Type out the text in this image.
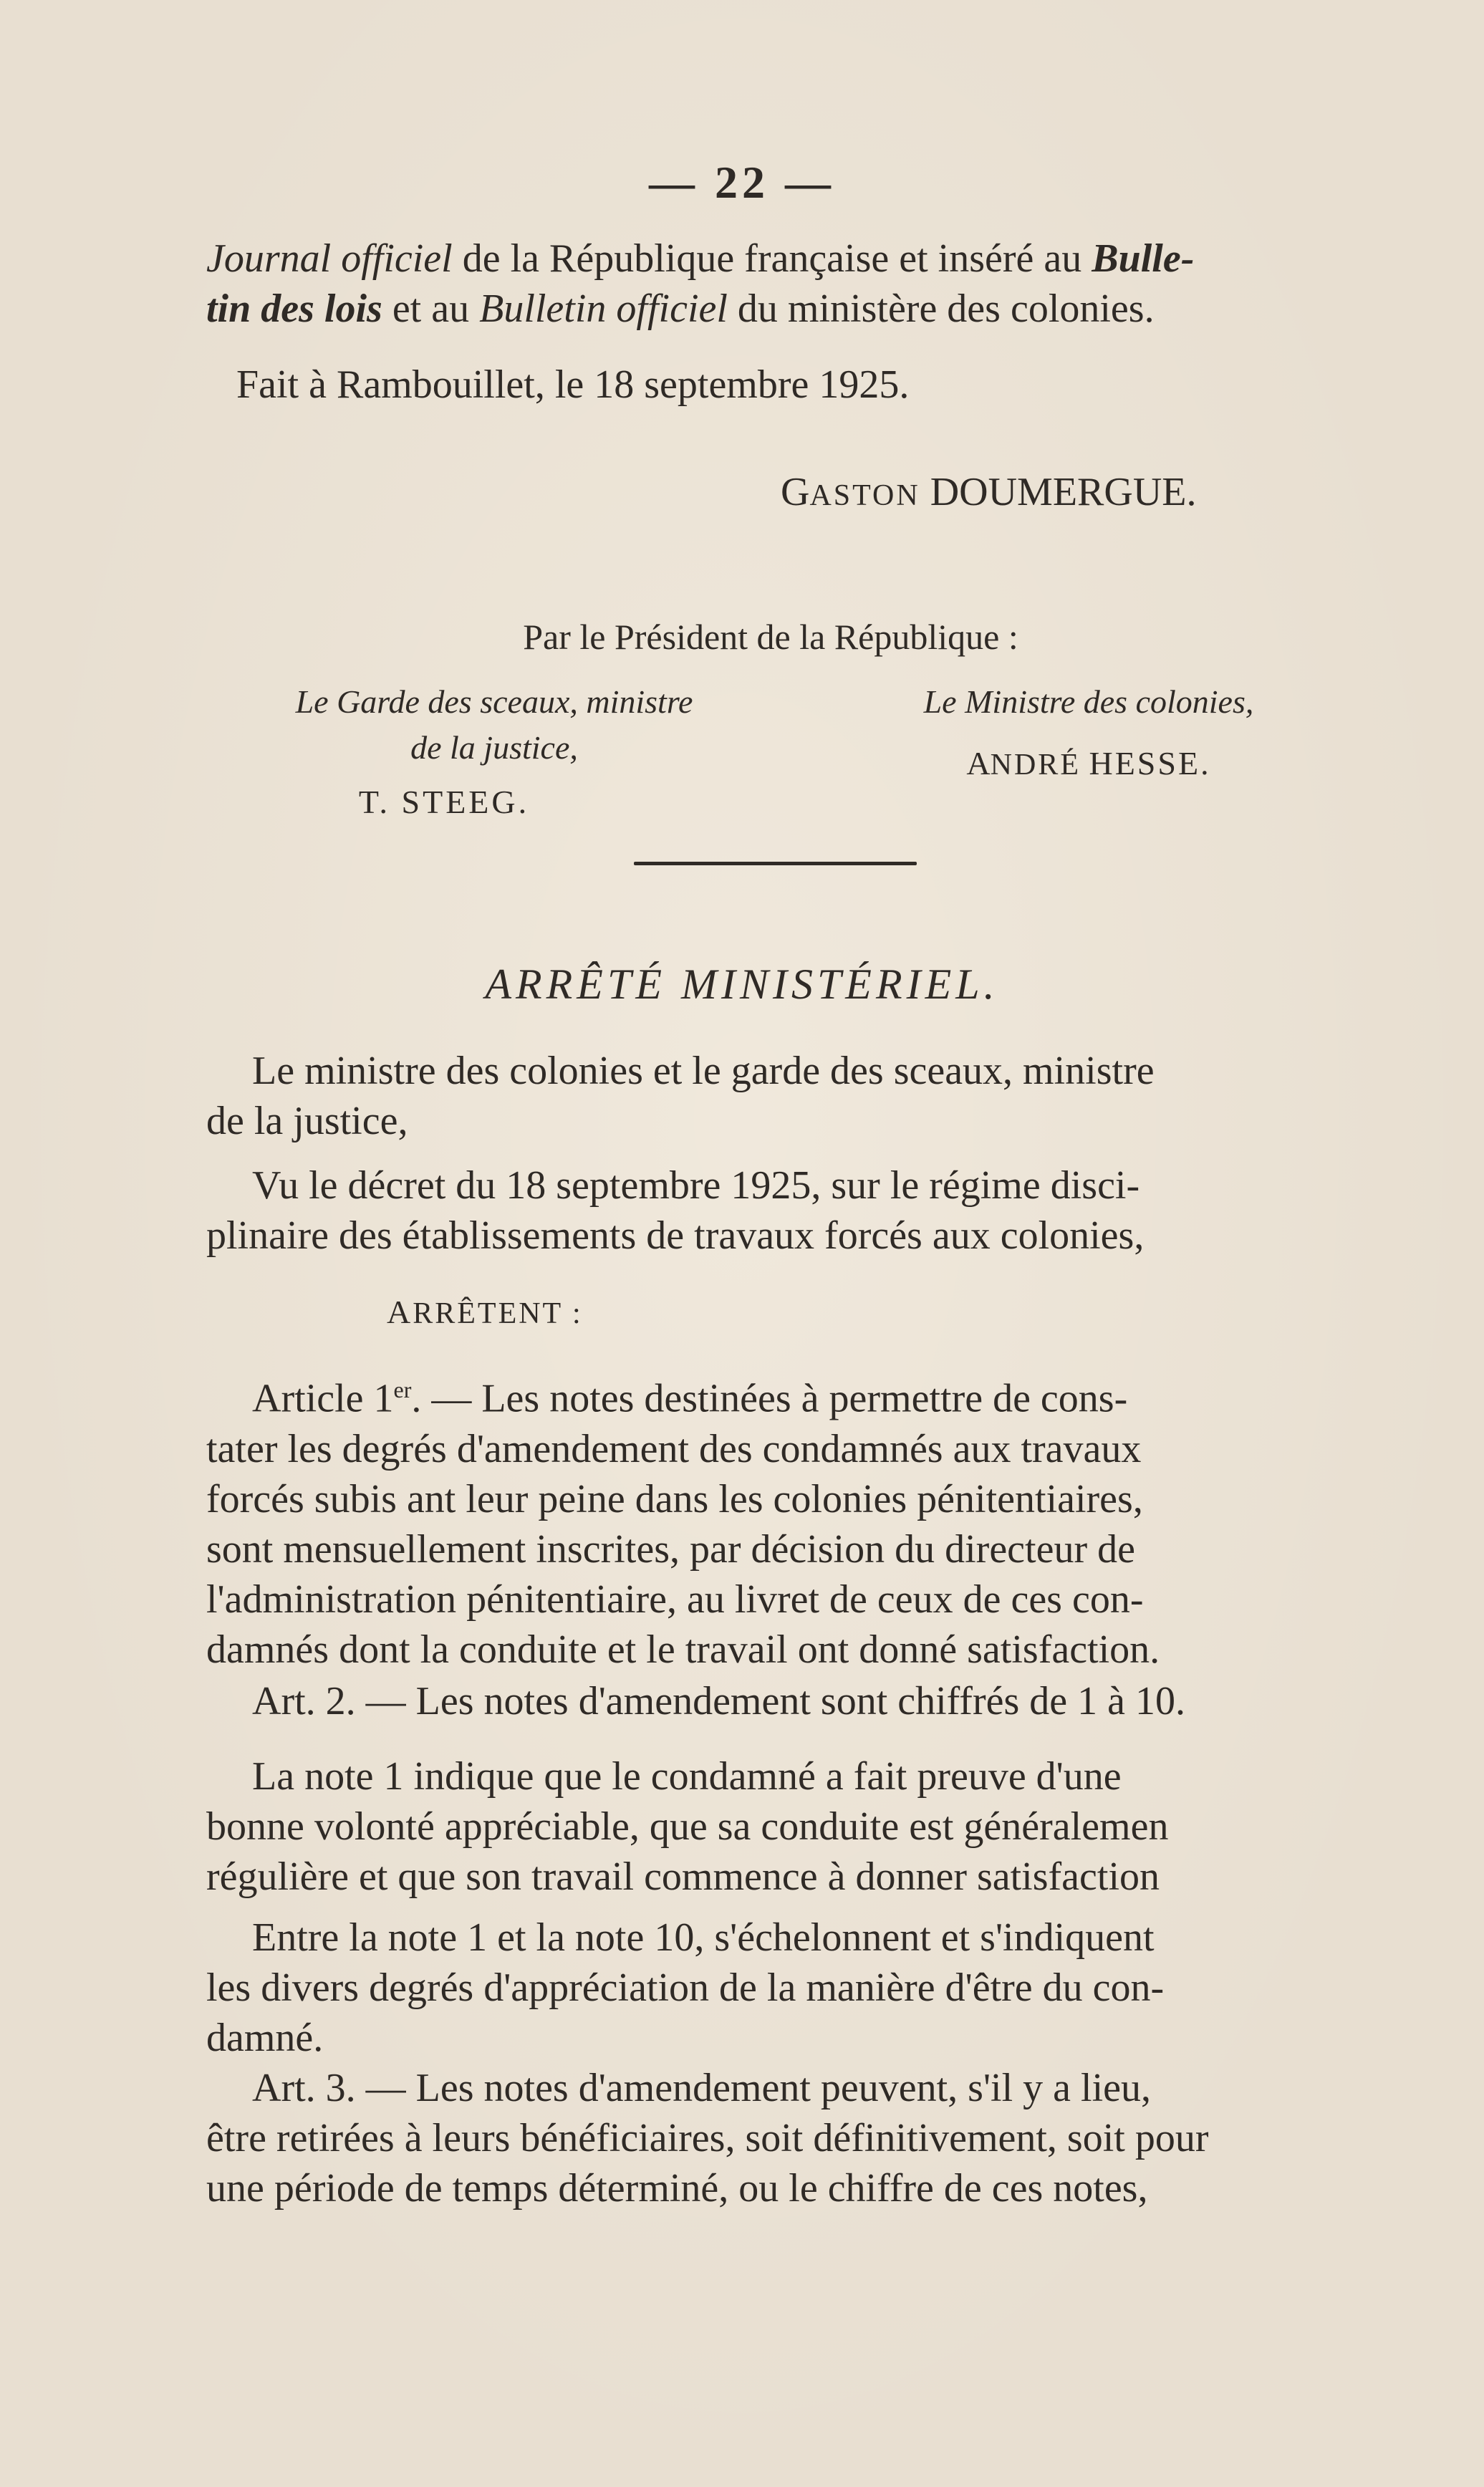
— 22 —
Journal officiel de la République française et inséré au Bulle-
tin des lois et au Bulletin officiel du ministère des colonies.
Fait à Rambouillet, le 18 septembre 1925.
GASTON DOUMERGUE.
Par le Président de la République :
Le Garde des sceaux, ministre
de la justice,
T. STEEG.
Le Ministre des colonies,
ANDRÉ HESSE.
ARRÊTÉ MINISTÉRIEL.
Le ministre des colonies et le garde des sceaux, ministre
de la justice,
Vu le décret du 18 septembre 1925, sur le régime disci-
plinaire des établissements de travaux forcés aux colonies,
ARRÊTENT :
Article 1er. — Les notes destinées à permettre de cons-
tater les degrés d'amendement des condamnés aux travaux
forcés subis ant leur peine dans les colonies pénitentiaires,
sont mensuellement inscrites, par décision du directeur de
l'administration pénitentiaire, au livret de ceux de ces con-
damnés dont la conduite et le travail ont donné satisfaction.
Art. 2. — Les notes d'amendement sont chiffrés de 1 à 10.
La note 1 indique que le condamné a fait preuve d'une
bonne volonté appréciable, que sa conduite est généralemen
régulière et que son travail commence à donner satisfaction
Entre la note 1 et la note 10, s'échelonnent et s'indiquent
les divers degrés d'appréciation de la manière d'être du con-
damné.
Art. 3. — Les notes d'amendement peuvent, s'il y a lieu,
être retirées à leurs bénéficiaires, soit définitivement, soit pour
une période de temps déterminé, ou le chiffre de ces notes,
